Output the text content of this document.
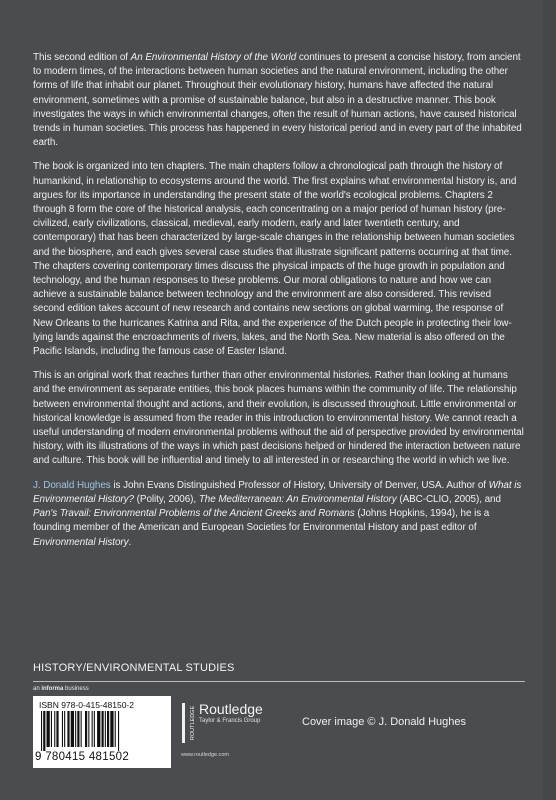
This second edition of An Environmental History of the World continues to present a concise history, from ancient to modern times, of the interactions between human societies and the natural environment, including the other forms of life that inhabit our planet. Throughout their evolutionary history, humans have affected the natural environment, sometimes with a promise of sustainable balance, but also in a destructive manner. This book investigates the ways in which environmental changes, often the result of human actions, have caused historical trends in human societies. This process has happened in every historical period and in every part of the inhabited earth.

The book is organized into ten chapters. The main chapters follow a chronological path through the history of humankind, in relationship to ecosystems around the world. The first explains what environmental history is, and argues for its importance in understanding the present state of the world's ecological problems. Chapters 2 through 8 form the core of the historical analysis, each concentrating on a major period of human history (pre-civilized, early civilizations, classical, medieval, early modern, early and later twentieth century, and contemporary) that has been characterized by large-scale changes in the relationship between human societies and the biosphere, and each gives several case studies that illustrate significant patterns occurring at that time. The chapters covering contemporary times discuss the physical impacts of the huge growth in population and technology, and the human responses to these problems. Our moral obligations to nature and how we can achieve a sustainable balance between technology and the environment are also considered. This revised second edition takes account of new research and contains new sections on global warming, the response of New Orleans to the hurricanes Katrina and Rita, and the experience of the Dutch people in protecting their low-lying lands against the encroachments of rivers, lakes, and the North Sea. New material is also offered on the Pacific Islands, including the famous case of Easter Island.

This is an original work that reaches further than other environmental histories. Rather than looking at humans and the environment as separate entities, this book places humans within the community of life. The relationship between environmental thought and actions, and their evolution, is discussed throughout. Little environmental or historical knowledge is assumed from the reader in this introduction to environmental history. We cannot reach a useful understanding of modern environmental problems without the aid of perspective provided by environmental history, with its illustrations of the ways in which past decisions helped or hindered the interaction between nature and culture. This book will be influential and timely to all interested in or researching the world in which we live.

J. Donald Hughes is John Evans Distinguished Professor of History, University of Denver, USA. Author of What is Environmental History? (Polity, 2006), The Mediterranean: An Environmental History (ABC-CLIO, 2005), and Pan's Travail: Environmental Problems of the Ancient Greeks and Romans (Johns Hopkins, 1994), he is a founding member of the American and European Societies for Environmental History and past editor of Environmental History.

HISTORY/ENVIRONMENTAL STUDIES
an informa business
ISBN 978-0-415-48150-2
9 780415 481502
ROUTLEDGE Routledge
Taylor & Francis Group
www.routledge.com
Cover image © J. Donald Hughes
